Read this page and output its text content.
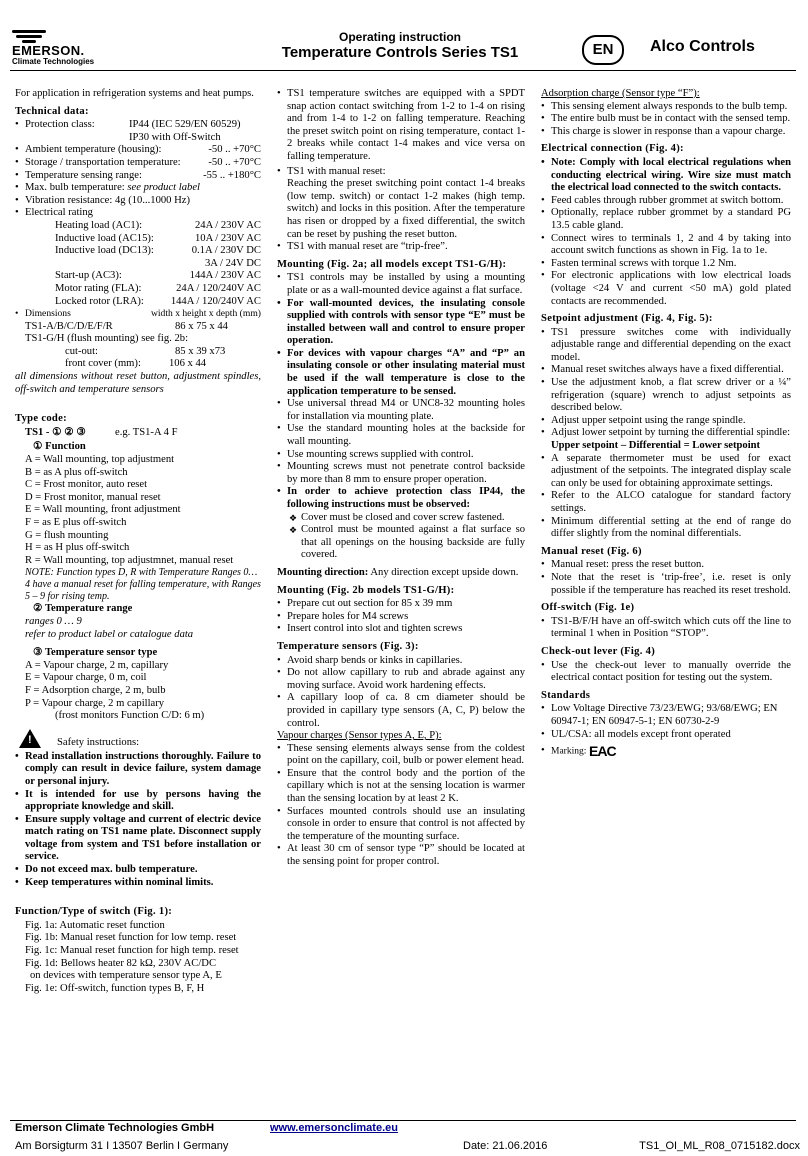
EMERSON.
Climate Technologies
Operating instruction
Temperature Controls Series TS1	EN	Alco Controls

For application in refrigeration systems and heat pumps.

Technical data:

• Protection class:	IP44 (IEC 529/EN 60529)
IP30 with Off-Switch
• Ambient temperature (housing):	-50 .. +70°C
• Storage / transportation temperature:	-50 .. +70°C
• Temperature sensing range:	-55 .. +180°C
• Max. bulb temperature: see product label
• Vibration resistance: 4g (10...1000 Hz)
• Electrical rating
Heating load (AC1):	24A / 230V AC
Inductive load (AC15):	10A / 230V AC
Inductive load (DC13):	0.1A / 230V DC
3A / 24V DC
Start-up (AC3):	144A / 230V AC
Motor rating (FLA):	24A / 120/240V AC
Locked rotor (LRA):	144A / 120/240V AC
• Dimensions	width x height x depth (mm)
TS1-A/B/C/D/E/F/R	86 x 75 x 44
TS1-G/H (flush mounting) see fig. 2b:
cut-out:	85 x 39 x73
front cover (mm):	106 x 44

all dimensions without reset button, adjustment spindles, off-switch and temperature sensors

Type code:

TS1 - ① ② ③	e.g. TS1-A 4 F
① Function
A = Wall mounting, top adjustment
B = as A plus off-switch
C = Frost monitor, auto reset
D = Frost monitor, manual reset
E = Wall mounting, front adjustment
F = as E plus off-switch
G = flush mounting
H = as H plus off-switch
R = Wall mounting, top adjustmnet, manual reset
NOTE: Function types D, R with Temperature Ranges 0…4 have a manual reset for falling temperature, with Ranges 5 – 9 for rising temp.
② Temperature range
ranges 0 … 9
refer to product label or catalogue data
③ Temperature sensor type
A = Vapour charge, 2 m, capillary
E = Vapour charge, 0 m, coil
F = Adsorption charge, 2 m, bulb
P = Vapour charge, 2 m capillary
(frost monitors Function C/D: 6 m)
! Safety instructions:
• Read installation instructions thoroughly. Failure to comply can result in device failure, system damage or personal injury.
• It is intended for use by persons having the appropriate knowledge and skill.
• Ensure supply voltage and current of electric device match rating on TS1 name plate. Disconnect supply voltage from system and TS1 before installation or service.
• Do not exceed max. bulb temperature.
• Keep temperatures within nominal limits.

Function/Type of switch (Fig. 1):

Fig. 1a: Automatic reset function
Fig. 1b: Manual reset function for low temp. reset
Fig. 1c: Manual reset function for high temp. reset
Fig. 1d: Bellows heater 82 kΩ, 230V AC/DC
on devices with temperature sensor type A, E
Fig. 1e: Off-switch, function types B, F, H
• TS1 temperature switches are equipped with a SPDT snap action contact switching from 1-2 to 1-4 on rising and from 1-4 to 1-2 on falling temperature. Reaching the preset switch point on rising temperature, contact 1-2 breaks while contact 1-4 makes and vice versa on falling temperature.
• TS1 with manual reset:
Reaching the preset switching point contact 1-4 breaks (low temp. switch) or contact 1-2 makes (high temp. switch) and locks in this position. After the temperature has risen or dropped by a fixed differential, the switch can be reset by pushing the reset button.
• TS1 with manual reset are “trip-free”.

Mounting (Fig. 2a; all models except TS1-G/H):

• TS1 controls may be installed by using a mounting plate or as a wall-mounted device against a flat surface.
• For wall-mounted devices, the insulating console supplied with controls with sensor type “E” must be installed between wall and control to ensure proper operation.
• For devices with vapour charges “A” and “P” an insulating console or other insulating material must be used if the wall temperature is close to the application temperature to be sensed.
• Use universal thread M4 or UNC8-32 mounting holes for installation via mounting plate.
• Use the standard mounting holes at the backside for wall mounting.
• Use mounting screws supplied with control.
• Mounting screws must not penetrate control backside by more than 8 mm to ensure proper operation.
• In order to achieve protection class IP44, the following instructions must be observed:
❖ Cover must be closed and cover screw fastened.
❖ Control must be mounted against a flat surface so that all openings on the housing backside are fully covered.

Mounting direction: Any direction except upside down.

Mounting (Fig. 2b models TS1-G/H):

• Prepare cut out section for 85 x 39 mm
• Prepare holes for M4 screws
• Insert control into slot and tighten screws

Temperature sensors (Fig. 3):

• Avoid sharp bends or kinks in capillaries.
• Do not allow capillary to rub and abrade against any moving surface. Avoid work hardening effects.
• A capillary loop of ca. 8 cm diameter should be provided in capillary type sensors (A, C, P) below the control.
Vapour charges (Sensor types A, E, P):
• These sensing elements always sense from the coldest point on the capillary, coil, bulb or power element head.
• Ensure that the control body and the portion of the capillary which is not at the sensing location is warmer than the sensing location by at least 2 K.
• Surfaces mounted controls should use an insulating console in order to ensure that control is not affected by the temperature of the mounting surface.
• At least 30 cm of sensor type “P” should be located at the sensing point for proper control.
Adsorption charge (Sensor type “F”):
• This sensing element always responds to the bulb temp.
• The entire bulb must be in contact with the sensed temp.
• This charge is slower in response than a vapour charge.

Electrical connection (Fig. 4):

• Note: Comply with local electrical regulations when conducting electrical wiring. Wire size must match the electrical load connected to the switch contacts.
• Feed cables through rubber grommet at switch bottom.
• Optionally, replace rubber grommet by a standard PG 13.5 cable gland.
• Connect wires to terminals 1, 2 and 4 by taking into account switch functions as shown in Fig. 1a to 1e.
• Fasten terminal screws with torque 1.2 Nm.
• For electronic applications with low electrical loads (voltage <24 V and current <50 mA) gold plated contacts are recommended.

Setpoint adjustment (Fig. 4, Fig. 5):

• TS1 pressure switches come with individually adjustable range and differential depending on the exact model.
• Manual reset switches always have a fixed differential.
• Use the adjustment knob, a flat screw driver or a ¼” refrigeration (square) wrench to adjust setpoints as described below.
• Adjust upper setpoint using the range spindle.
• Adjust lower setpoint by turning the differential spindle:
Upper setpoint – Differential = Lower setpoint
• A separate thermometer must be used for exact adjustment of the setpoints. The integrated display scale can only be used for obtaining approximate settings.
• Refer to the ALCO catalogue for standard factory settings.
• Minimum differential setting at the end of range do differ slightly from the nominal differentials.

Manual reset (Fig. 6)

• Manual reset: press the reset button.
• Note that the reset is ‘trip-free’, i.e. reset is only possible if the temperature has reached its reset treshold.

Off-switch (Fig. 1e)

• TS1-B/F/H have an off-switch which cuts off the line to terminal 1 when in Position “STOP”.

Check-out lever (Fig. 4)

• Use the check-out lever to manually override the electrical contact position for testing out the system.

Standards

• Low Voltage Directive 73/23/EWG; 93/68/EWG; EN 60947-1; EN 60947-5-1; EN 60730-2-9
• UL/CSA: all models except front operated
• Marking: EAC
Emerson Climate Technologies GmbH	www.emersonclimate.eu
Am Borsigturm 31 I 13507 Berlin I Germany	Date: 21.06.2016	TS1_OI_ML_R08_0715182.docx
